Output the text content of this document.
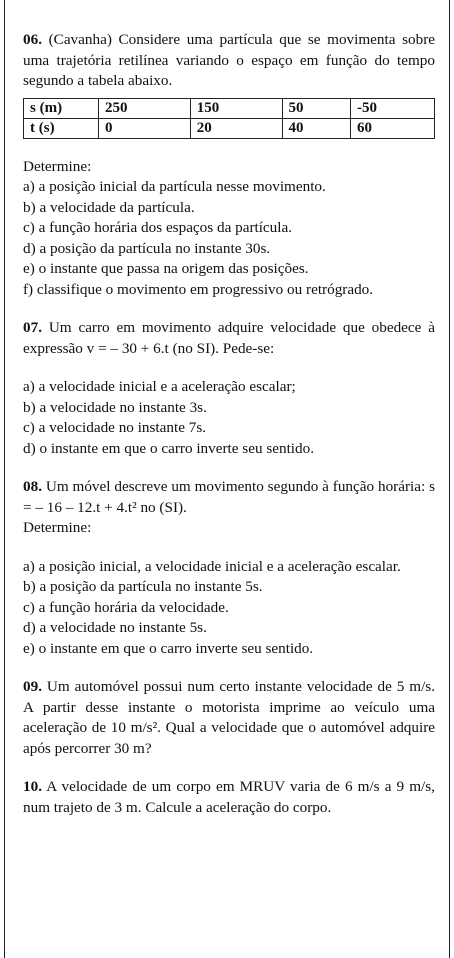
06. (Cavanha) Considere uma partícula que se movimenta sobre uma trajetória retilínea variando o espaço em função do tempo segundo a tabela abaixo.

s (m)	250	150	50	-50
t (s)	0	20	40	60

Determine:

a) a posição inicial da partícula nesse movimento.

b) a velocidade da partícula.

c) a função horária dos espaços da partícula.

d) a posição da partícula no instante 30s.

e) o instante que passa na origem das posições.

f) classifique o movimento em progressivo ou retrógrado.

07. Um carro em movimento adquire velocidade que obedece à expressão v = – 30 + 6.t (no SI). Pede-se:

a) a velocidade inicial e a aceleração escalar;

b) a velocidade no instante 3s.

c) a velocidade no instante 7s.

d) o instante em que o carro inverte seu sentido.

08. Um móvel descreve um movimento segundo à função horária: s = – 16 – 12.t + 4.t² no (SI).

Determine:

a) a posição inicial, a velocidade inicial e a aceleração escalar.

b) a posição da partícula no instante 5s.

c) a função horária da velocidade.

d) a velocidade no instante 5s.

e) o instante em que o carro inverte seu sentido.

09. Um automóvel possui num certo instante velocidade de 5 m/s. A partir desse instante o motorista imprime ao veículo uma aceleração de 10 m/s². Qual a velocidade que o automóvel adquire após percorrer 30 m?

10. A velocidade de um corpo em MRUV varia de 6 m/s a 9 m/s, num trajeto de 3 m. Calcule a aceleração do corpo.
